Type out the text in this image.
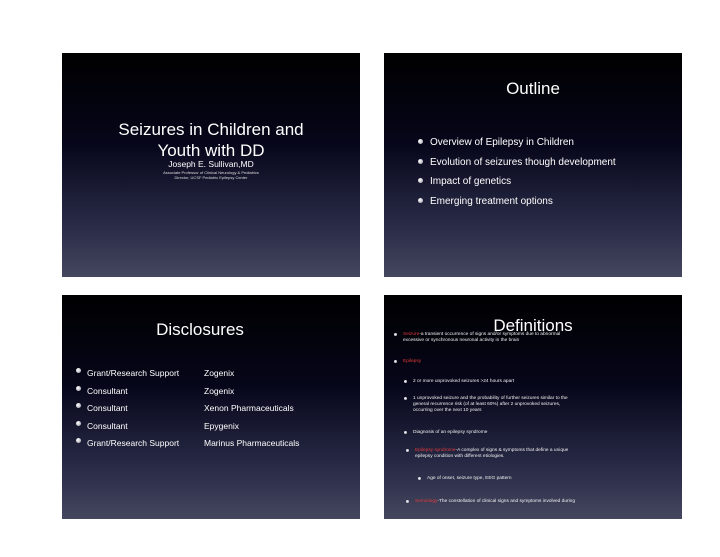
Seizures in Children and
Youth with DD
Joseph E. Sullivan,MD
Associate Professor of Clinical Neurology & Pediatrics
Director, UCSF Pediatric Epilepsy Center
Outline
Overview of Epilepsy in Children
Evolution of seizures though development
Impact of genetics
Emerging treatment options
Disclosures
Grant/Research Support	Zogenix
Consultant	Zogenix
Consultant	Xenon Pharmaceuticals
Consultant	Epygenix
Grant/Research Support	Marinus Pharmaceuticals
Definitions
Seizure-a transient occurrence of signs and/or symptoms due to abnormal
excessive or synchronous neuronal activity in the brain
Epilepsy
2 or more unprovoked seizures >24 hours apart
1 unprovoked seizure and the probability of further seizures similar to the
general recurrence risk (of at least 60%) after 2 unprovoked seizures,
occurring over the next 10 years
Diagnosis of an epilepsy syndrome
Epilepsy syndrome-A complex of signs & symptoms that define a unique
epilepsy condition with different etiologies.
Age of onset, seizure type, EEG pattern
Semiology-The constellation of clinical signs and symptoms involved during
